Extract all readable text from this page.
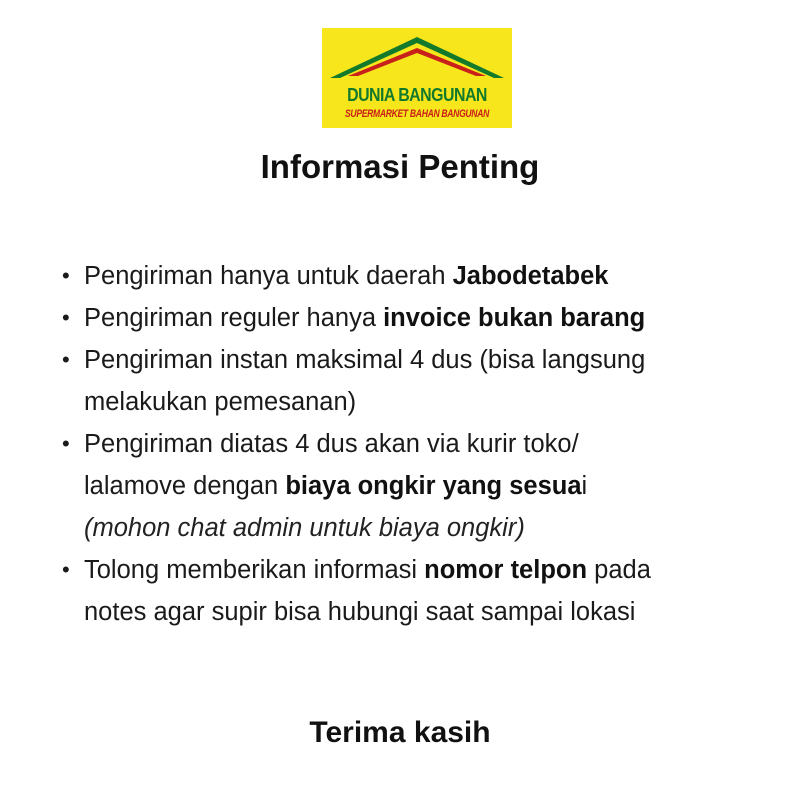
DUNIA BANGUNAN
SUPERMARKET BAHAN BANGUNAN
Informasi Penting
• Pengiriman hanya untuk daerah Jabodetabek
• Pengiriman reguler hanya invoice bukan barang
• Pengiriman instan maksimal 4 dus (bisa langsung
melakukan pemesanan)
• Pengiriman diatas 4 dus akan via kurir toko/
lalamove dengan biaya ongkir yang sesuai
(mohon chat admin untuk biaya ongkir)
• Tolong memberikan informasi nomor telpon pada
notes agar supir bisa hubungi saat sampai lokasi
Terima kasih
